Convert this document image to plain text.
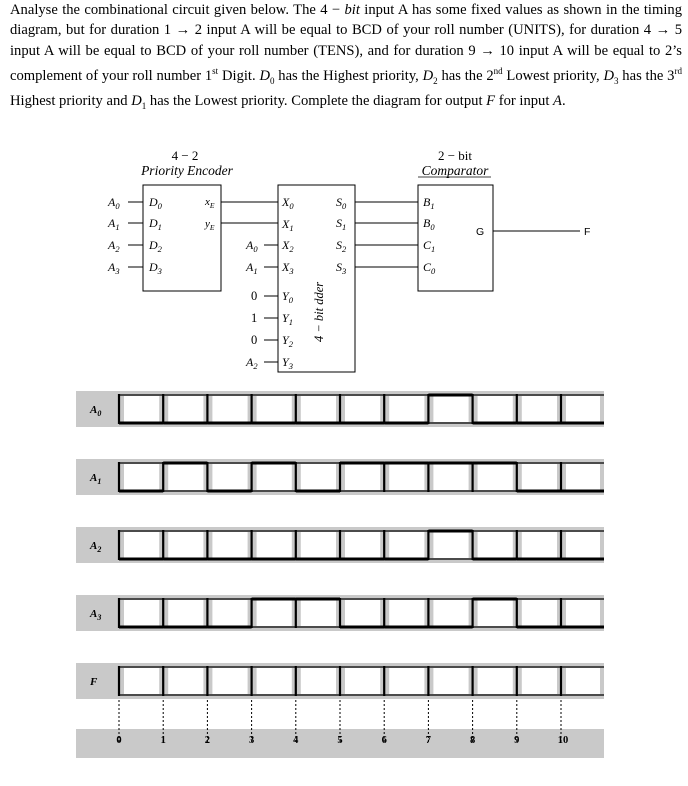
Analyse the combinational circuit given below. The 4 − bit input A has some fixed values as shown in the timing diagram, but for duration 1 → 2 input A will be equal to BCD of your roll number (UNITS), for duration 4 → 5 input A will be equal to BCD of your roll number (TENS), and for duration 9 → 10 input A will be equal to 2’s complement of your roll number 1st Digit. $D_0$ has the Highest priority, $D_2$ has the 2nd Lowest priority, $D_3$ has the 3rd Highest priority and $D_1$ has the Lowest priority. Complete the diagram for output F for input A.

4 − 2
Priority Encoder
$A_0$
$A_1$
$A_2$
$A_3$
$D_0$
$D_1$
$D_2$
$D_3$
$x_E$
$y_E$
4 − bit dder
$X_0$
$X_1$
$X_2$
$X_3$
$Y_0$
$Y_1$
$Y_2$
$Y_3$
$S_0$
$S_1$
$S_2$
$S_3$
$A_0$
$A_1$
0
1
0
$A_2$
2 − bit
Comparator
$B_1$
$B_0$
$C_1$
$C_0$
G	F
$A_0$
$A_1$
$A_2$
$A_3$
F
0	1	2	3	4	5	6	7	8	9	10
